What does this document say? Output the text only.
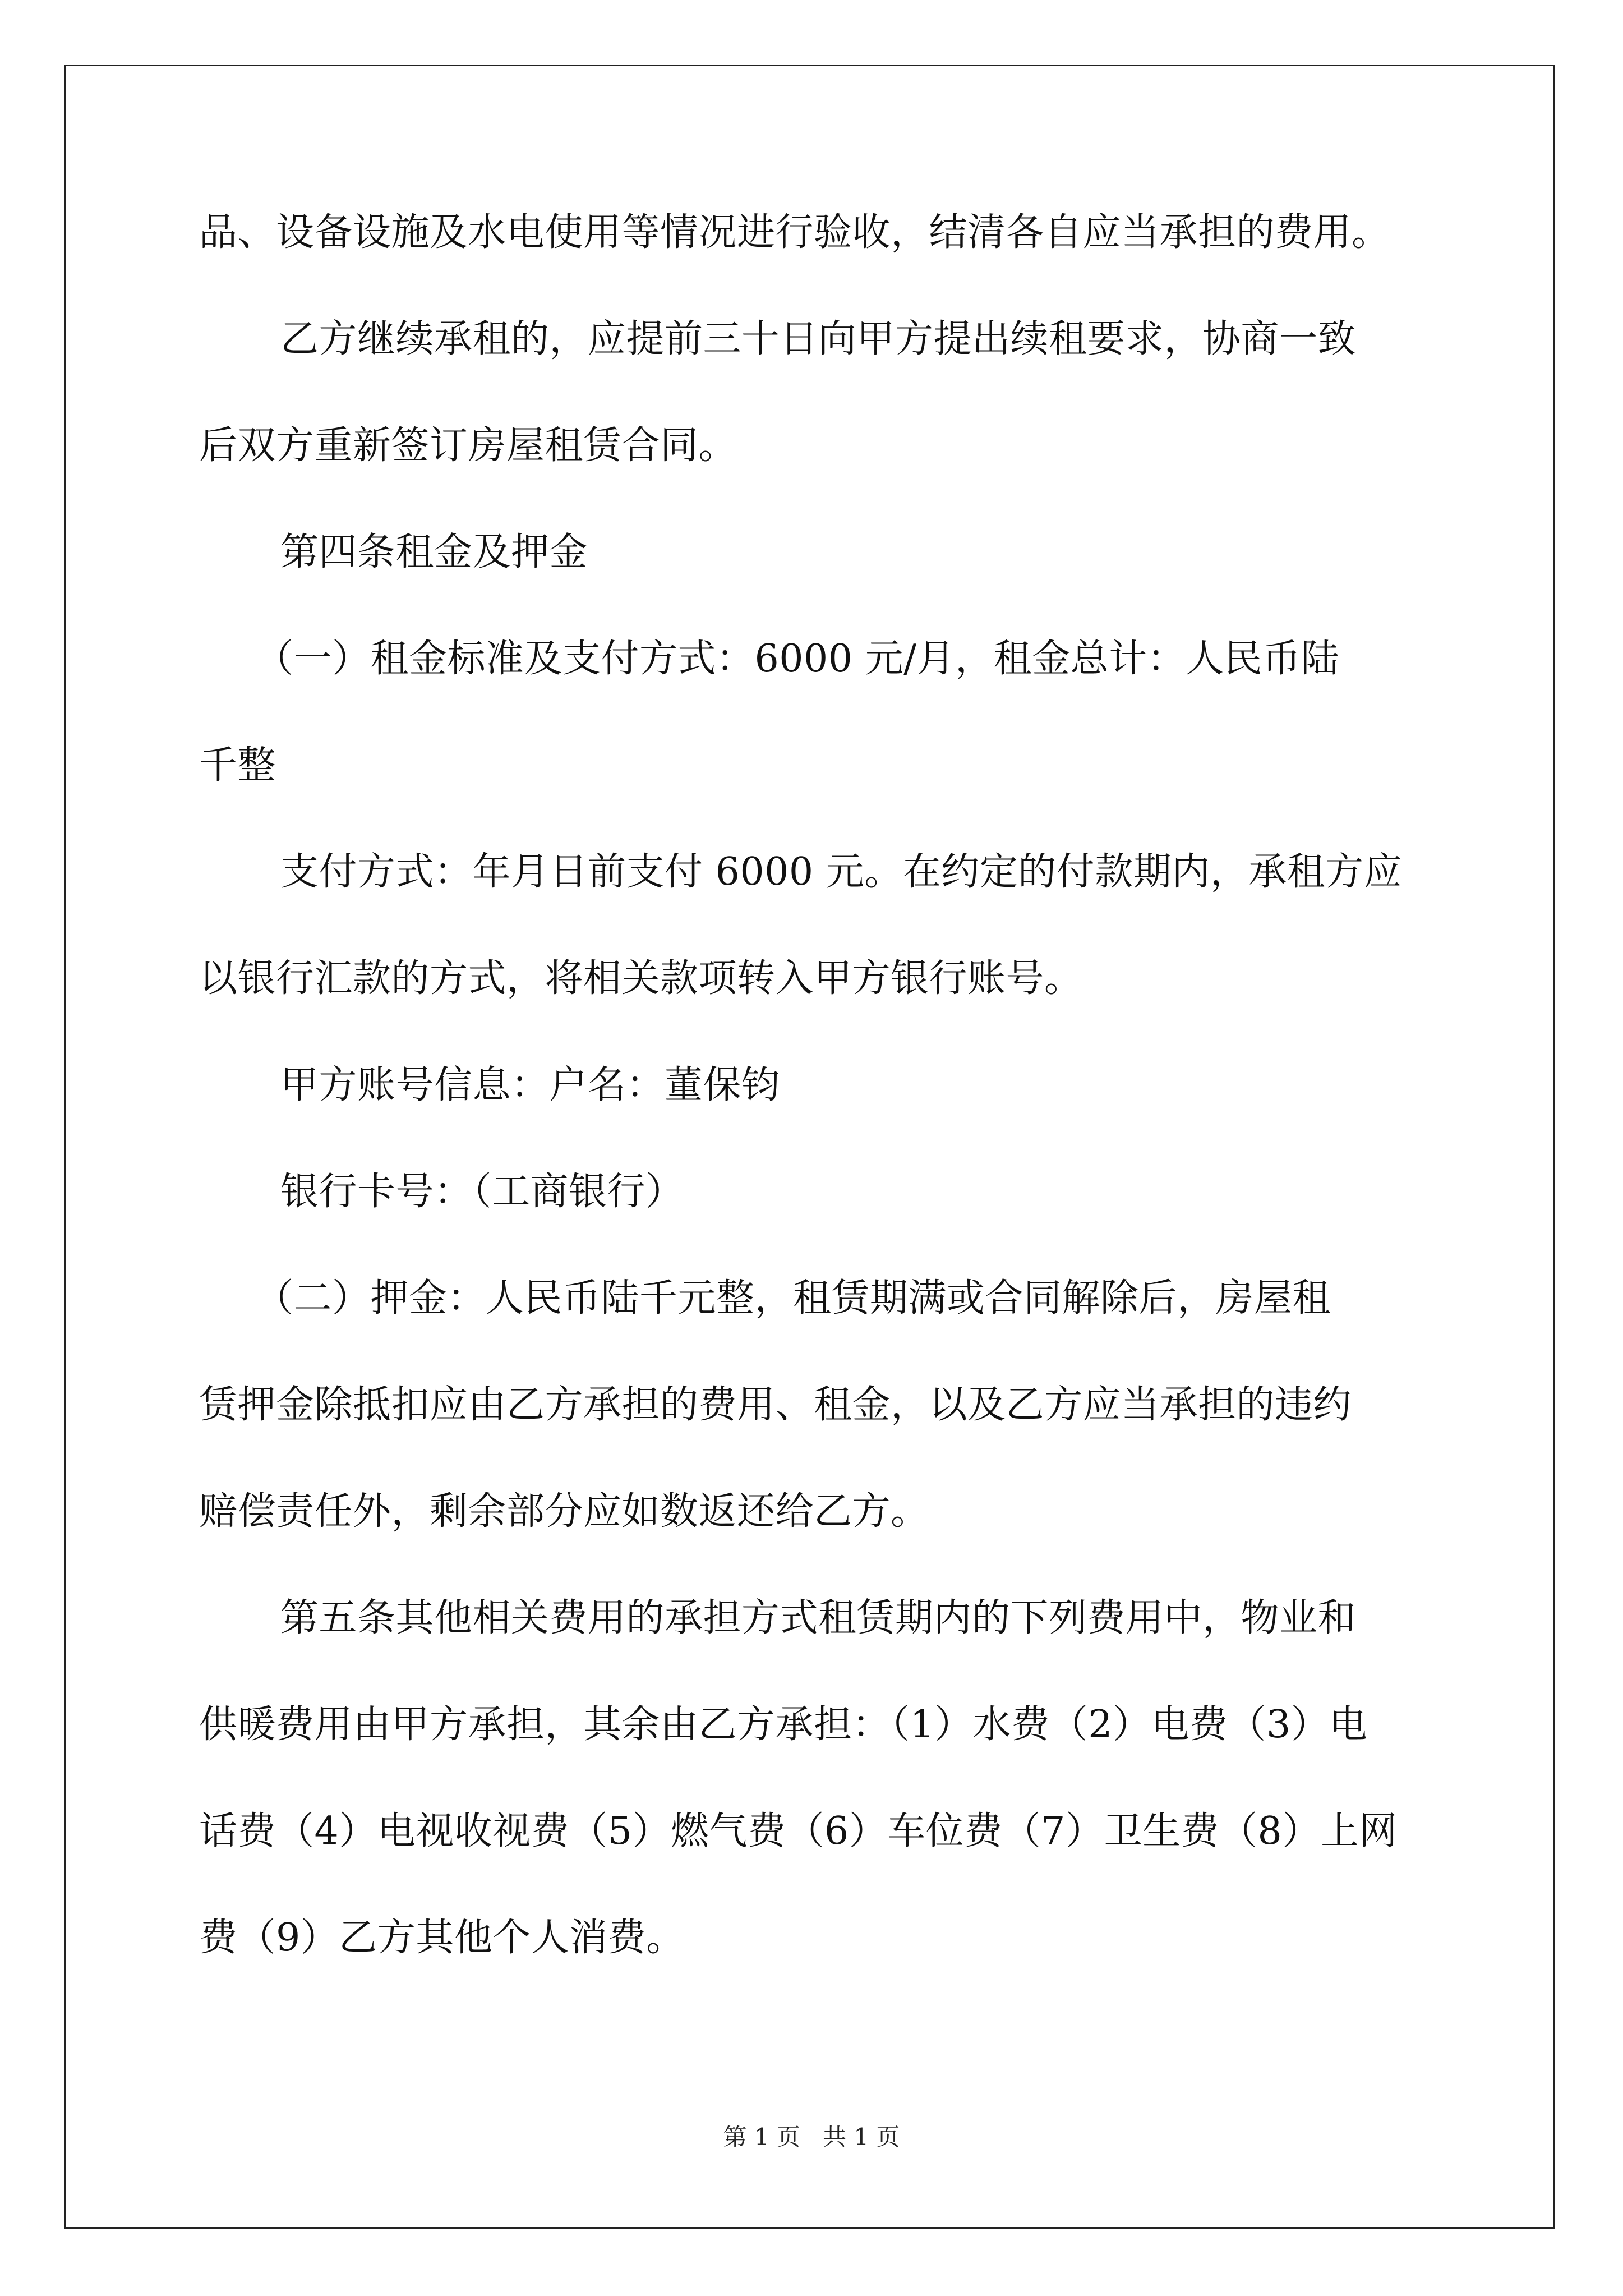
品、设备设施及水电使用等情况进行验收，结清各自应当承担的费用。
乙方继续承租的，应提前三十日向甲方提出续租要求，协商一致
后双方重新签订房屋租赁合同。
第四条租金及押金
（一）租金标准及支付方式：6000 元/月，租金总计：人民币陆
千整
支付方式：年月日前支付 6000 元。在约定的付款期内，承租方应
以银行汇款的方式，将相关款项转入甲方银行账号。
甲方账号信息：户名：董保钧
银行卡号：（工商银行）
（二）押金：人民币陆千元整，租赁期满或合同解除后，房屋租
赁押金除抵扣应由乙方承担的费用、租金，以及乙方应当承担的违约
赔偿责任外，剩余部分应如数返还给乙方。
第五条其他相关费用的承担方式租赁期内的下列费用中，物业和
供暖费用由甲方承担，其余由乙方承担：（1）水费（2）电费（3）电
话费（4）电视收视费（5）燃气费（6）车位费（7）卫生费（8）上网
费（9）乙方其他个人消费。
第 1 页 共 1 页
